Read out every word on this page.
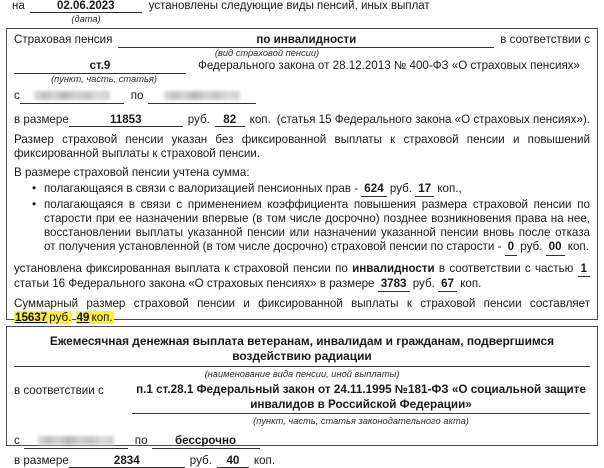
на	02.06.2023	установлены следующие виды пенсий, иных выплат
(дата)
Страховая пенсия	по инвалидности	в соответствии с
(вид страховой пенсии)
ст.9	Федерального закона от 28.12.2013 № 400-ФЗ «О страховых пенсиях»
(пункт, часть, статья)
с	по
в размере	11853	руб.	82	коп. (статья 15 Федерального закона «О страховых пенсиях»).

Размер страховой пенсии указан без фиксированной выплаты к страховой пенсии и повышений фиксированной выплаты к страховой пенсии.

В размере страховой пенсии учтена сумма:

• полагающаяся в связи с валоризацией пенсионных прав - 624 руб. 17 коп.,
• полагающаяся в связи с применением коэффициента повышения размера страховой пенсии по старости при ее назначении впервые (в том числе досрочно) позднее возникновения права на нее, восстановлении выплаты указанной пенсии или назначении указанной пенсии вновь после отказа от получения установленной (в том числе досрочно) страховой пенсии по старости - 0 руб. 00 коп.

установлена фиксированная выплата к страховой пенсии по инвалидности в соответствии с частью 1 статьи 16 Федерального закона «О страховых пенсиях» в размере 3783 руб. 67 коп.

Суммарный размер страховой пенсии и фиксированной выплаты к страховой пенсии составляет 15637 руб. 49 коп.

Ежемесячная денежная выплата ветеранам, инвалидам и гражданам, подвергшимся воздействию радиации
(наименование вида пенсии, иной выплаты)
в соответствии с	п.1 ст.28.1 Федеральный закон от 24.11.1995 №181-ФЗ «О социальной защите инвалидов в Российской Федерации»
(пункт, часть, статья законодательного акта)
с	по	бессрочно
в размере	2834	руб.	40	коп.
